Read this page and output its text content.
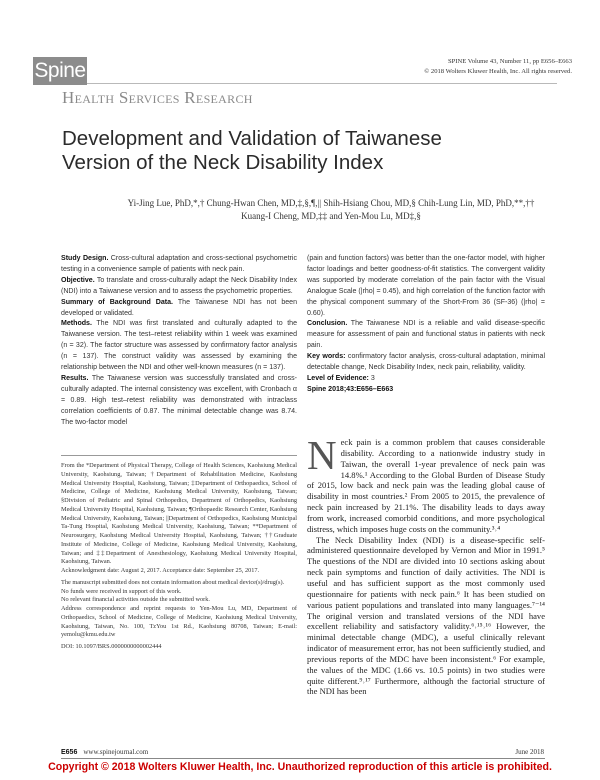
Spine	SPINE Volume 43, Number 11, pp E656–E663
© 2018 Wolters Kluwer Health, Inc. All rights reserved.
Health Services Research
Development and Validation of Taiwanese
Version of the Neck Disability Index
Yi-Jing Lue, PhD,*,† Chung-Hwan Chen, MD,‡,§,¶,|| Shih-Hsiang Chou, MD,§ Chih-Lung Lin, MD, PhD,**,††
Kuang-I Cheng, MD,‡‡ and Yen-Mou Lu, MD‡,§
Study Design. Cross-cultural adaptation and cross-sectional psychometric testing in a convenience sample of patients with neck pain.
Objective. To translate and cross-culturally adapt the Neck Disability Index (NDI) into a Taiwanese version and to assess the psychometric properties.
Summary of Background Data. The Taiwanese NDI has not been developed or validated.
Methods. The NDI was first translated and culturally adapted to the Taiwanese version. The test–retest reliability within 1 week was examined (n = 32). The factor structure was assessed by confirmatory factor analysis (n = 137). The construct validity was assessed by examining the relationship between the NDI and other well-known measures (n = 137).
Results. The Taiwanese version was successfully translated and cross-culturally adapted. The internal consistency was excellent, with Cronbach α = 0.89. High test–retest reliability was demonstrated with intraclass correlation coefficients of 0.87. The minimal detectable change was 8.74. The two-factor model
(pain and function factors) was better than the one-factor model, with higher factor loadings and better goodness-of-fit statistics. The convergent validity was supported by moderate correlation of the pain factor with the Visual Analogue Scale (|rho| = 0.45), and high correlation of the function factor with the physical component summary of the Short-From 36 (SF-36) (|rho| = 0.60).
Conclusion. The Taiwanese NDI is a reliable and valid disease-specific measure for assessment of pain and functional status in patients with neck pain.
Key words: confirmatory factor analysis, cross-cultural adaptation, minimal detectable change, Neck Disability Index, neck pain, reliability, validity.
Level of Evidence: 3
Spine 2018;43:E656–E663
From the *Department of Physical Therapy, College of Health Sciences, Kaohsiung Medical University, Kaohsiung, Taiwan; †Department of Rehabilitation Medicine, Kaohsiung Medical University Hospital, Kaohsiung, Taiwan; ‡Department of Orthopaedics, School of Medicine, College of Medicine, Kaohsiung Medical University, Kaohsiung, Taiwan; §Division of Pediatric and Spinal Orthopedics, Department of Orthopedics, Kaohsiung Medical University Hospital, Kaohsiung, Taiwan; ¶Orthopaedic Research Center, Kaohsiung Medical University, Kaohsiung, Taiwan; ||Department of Orthopedics, Kaohsiung Municipal Ta-Tung Hospital, Kaohsiung Medical University, Kaohsiung, Taiwan; **Department of Neurosurgery, Kaohsiung Medical University Hospital, Kaohsiung, Taiwan; ††Graduate Institute of Medicine, College of Medicine, Kaohsiung Medical University, Kaohsiung, Taiwan; and ‡‡Department of Anesthesiology, Kaohsiung Medical University Hospital, Kaohsiung, Taiwan.
Acknowledgment date: August 2, 2017. Acceptance date: September 25, 2017.
The manuscript submitted does not contain information about medical device(s)/drug(s).
No funds were received in support of this work.
No relevant financial activities outside the submitted work.
Address correspondence and reprint requests to Yen-Mou Lu, MD, Department of Orthopaedics, School of Medicine, College of Medicine, Kaohsiung Medical University, Kaohsiung, Taiwan, No. 100, TzYou 1st Rd., Kaohsiung 80708, Taiwan; E-mail: yemolu@kmu.edu.tw
DOI: 10.1097/BRS.0000000000002444

Neck pain is a common problem that causes considerable disability. According to a nationwide industry study in Taiwan, the overall 1-year prevalence of neck pain was 14.8%.¹ According to the Global Burden of Disease Study of 2015, low back and neck pain was the leading global cause of disability in most countries.² From 2005 to 2015, the prevalence of neck pain increased by 21.1%. The disability leads to days away from work, increased comorbid conditions, and more psychological distress, which imposes huge costs on the community.³˒⁴

The Neck Disability Index (NDI) is a disease-specific self-administered questionnaire developed by Vernon and Mior in 1991.⁵ The questions of the NDI are divided into 10 sections asking about neck pain symptoms and function of daily activities. The NDI is useful and has sufficient support as the most commonly used questionnaire for patients with neck pain.⁶ It has been studied on various patient populations and translated into many languages.⁷⁻¹⁴ The original version and translated versions of the NDI have excellent reliability and satisfactory validity.⁶˒¹⁵˒¹⁶ However, the minimal detectable change (MDC), a useful clinically relevant indicator of measurement error, has not been sufficiently studied, and previous reports of the MDC have been inconsistent.⁶ For example, the values of the MDC (1.66 vs. 10.5 points) in two studies were quite different.⁹˒¹⁷ Furthermore, although the factorial structure of the NDI has been

E656 www.spinejournal.com	June 2018
Copyright © 2018 Wolters Kluwer Health, Inc. Unauthorized reproduction of this article is prohibited.
